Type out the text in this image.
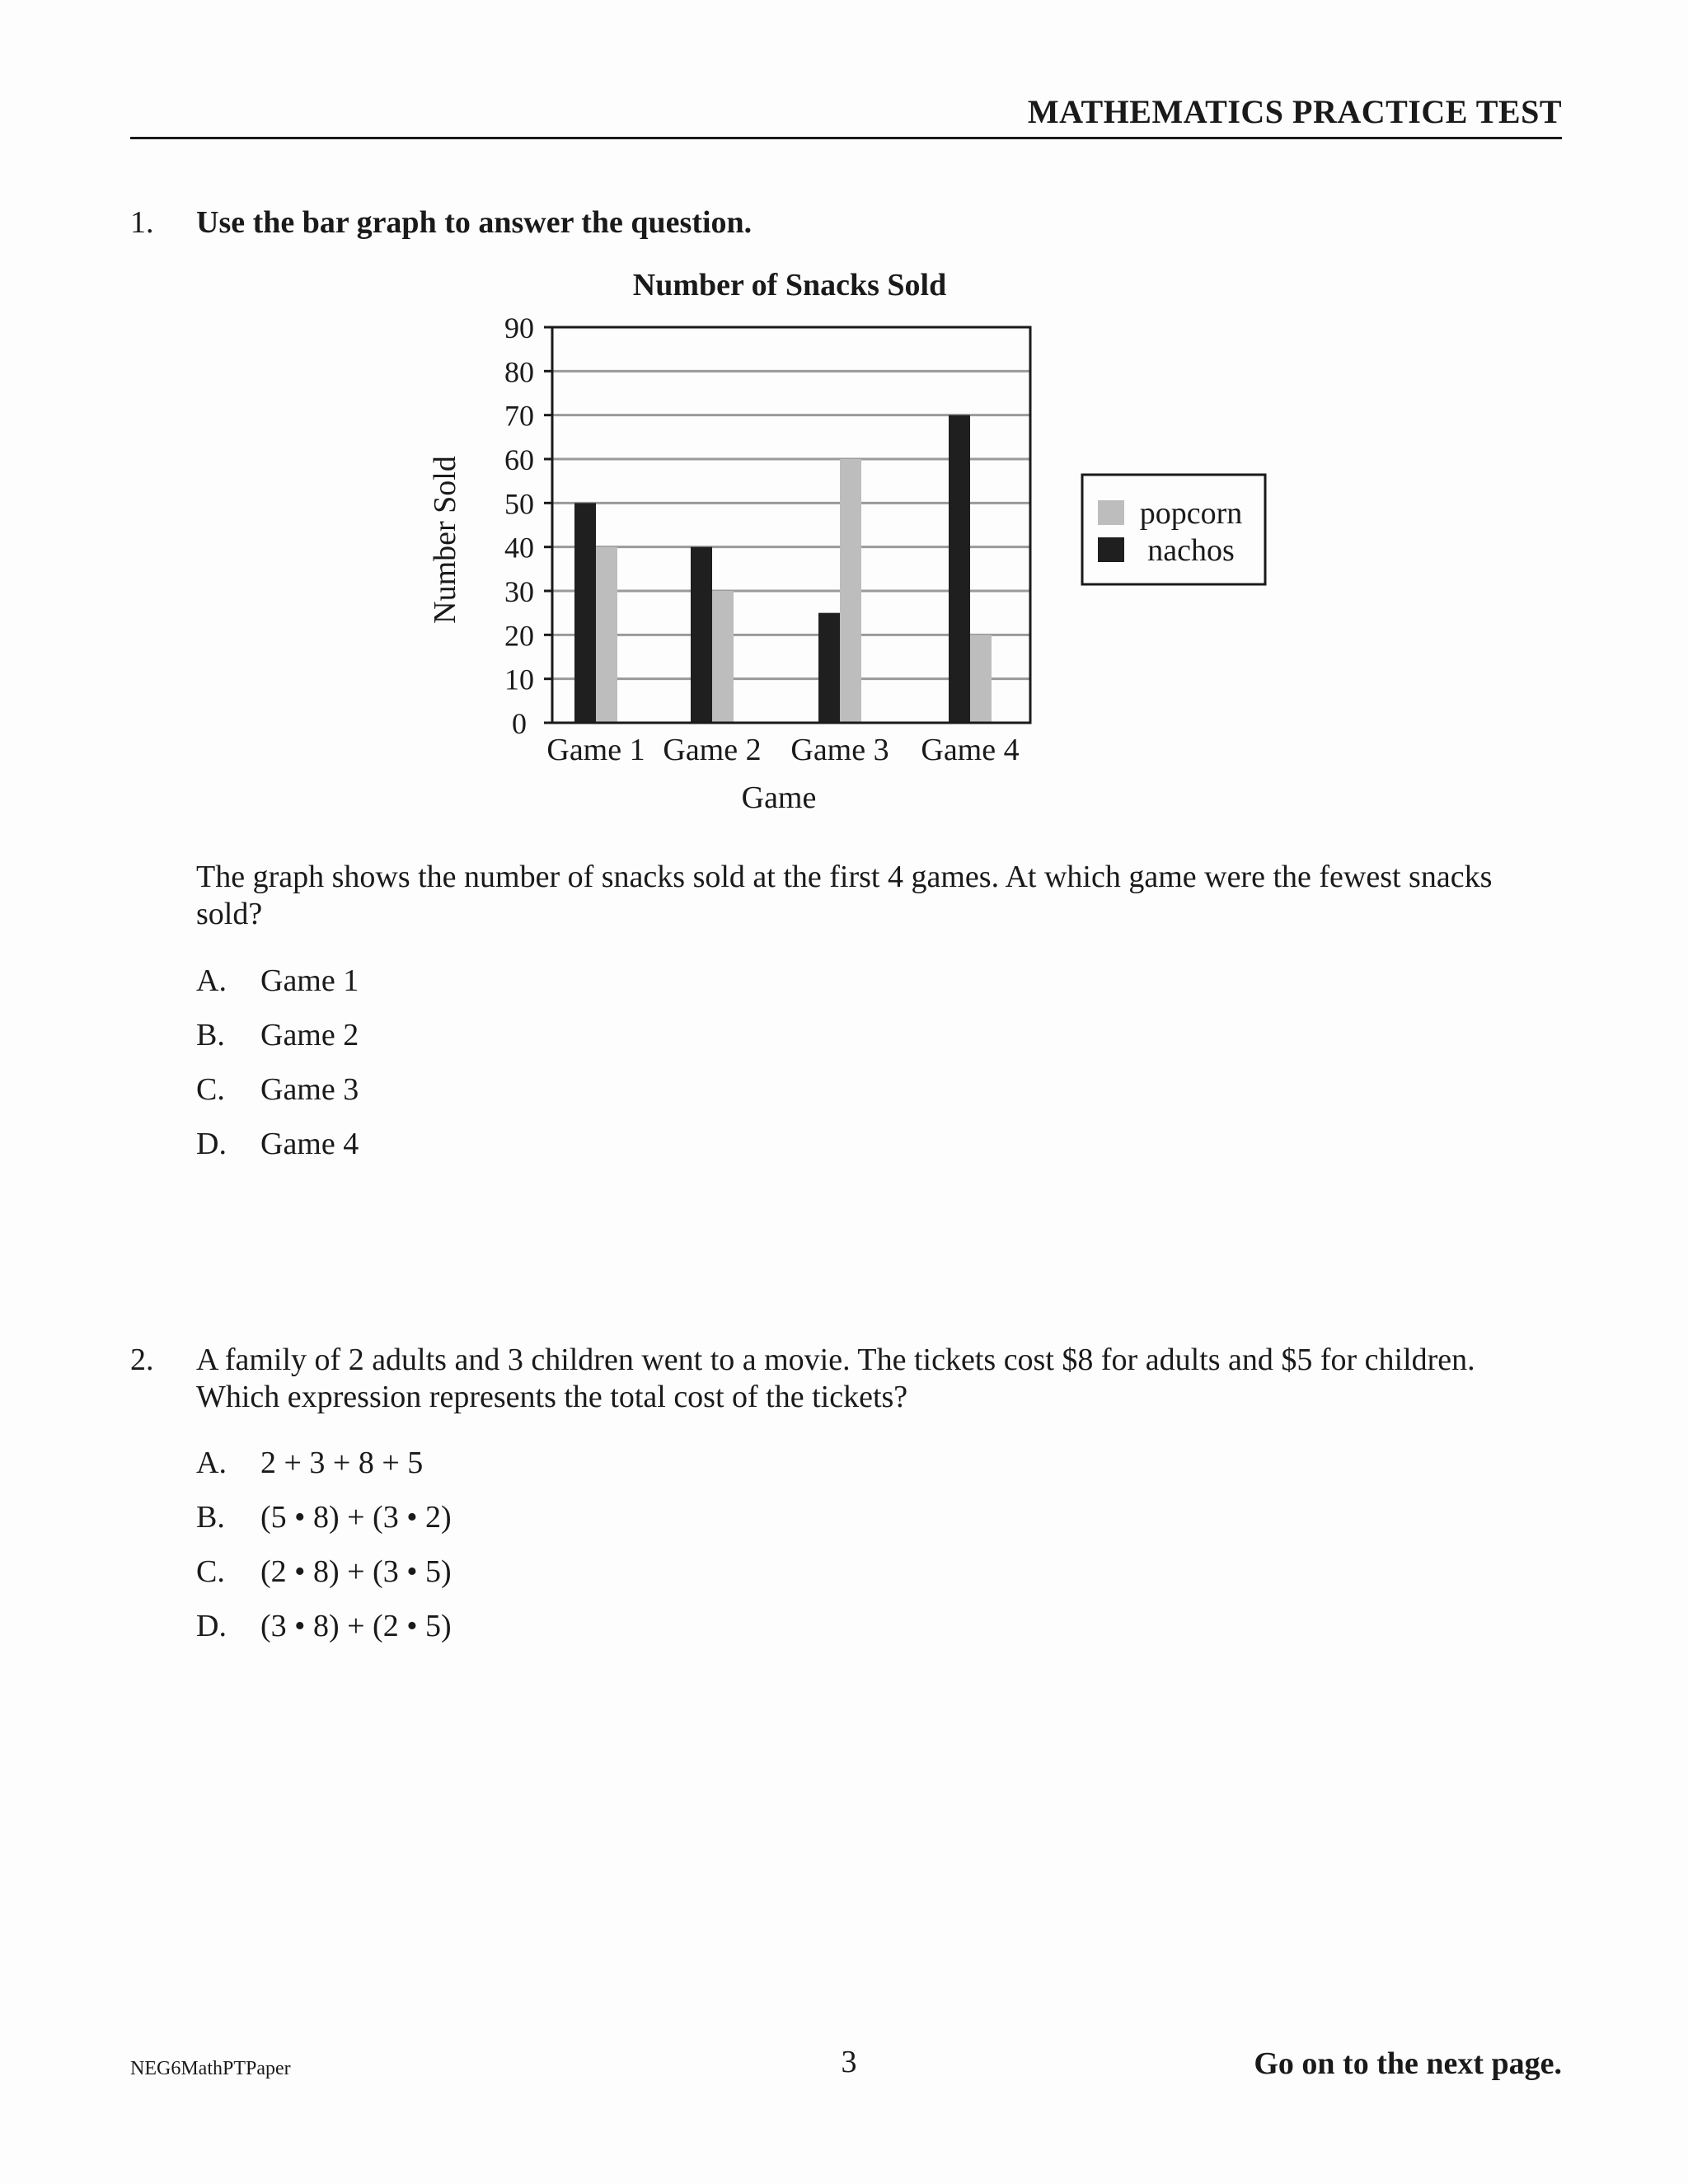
MATHEMATICS PRACTICE TEST
1. Use the bar graph to answer the question.
Number of Snacks Sold
0
10
20
30
40
50
60
70
80
90
Game 1 Game 2 Game 3 Game 4
Game
Number Sold	popcorn
nachos
The graph shows the number of snacks sold at the first 4 games. At which game were the fewest snacks sold?
A. Game 1
B. Game 2
C. Game 3
D. Game 4
2. A family of 2 adults and 3 children went to a movie. The tickets cost $8 for adults and $5 for children. Which expression represents the total cost of the tickets?
A. 2 + 3 + 8 + 5
B. (5 • 8) + (3 • 2)
C. (2 • 8) + (3 • 5)
D. (3 • 8) + (2 • 5)
NEG6MathPTPaper	3	Go on to the next page.
